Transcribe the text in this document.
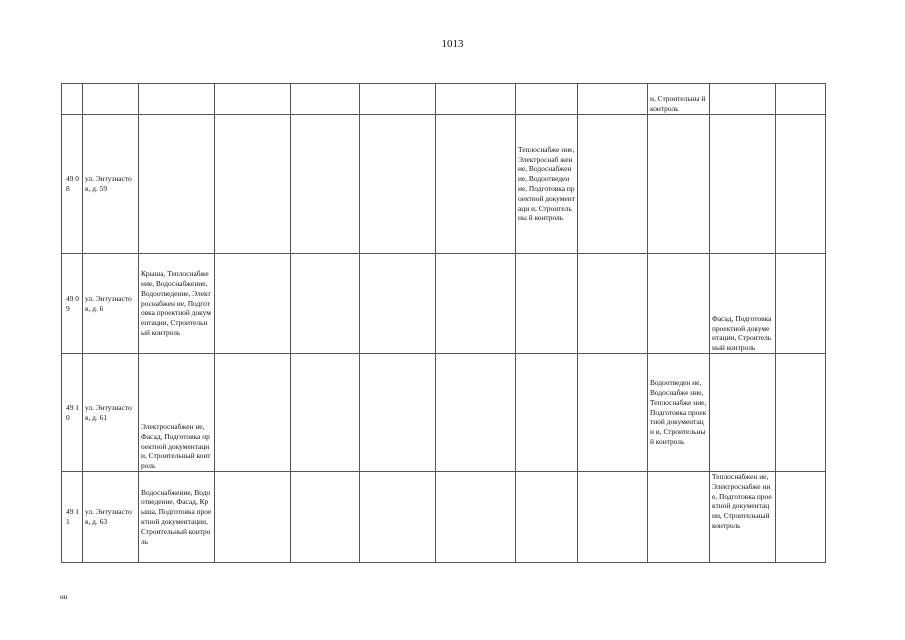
1013
									и, Строительны й контроль		
49 08	ул. Энтузиасто в, д. 59						Теплоснабже ние, Электроснаб жение, Водоснабжен ие, Водоотведен ие, Подготовка проектной документаци и, Строительны й контроль				
49 09	ул. Энтузиасто в, д. 6	Крыша, Теплоснабжение, Водоснабжение, Водоотведение, Электроснабжен ие, Подготовка проектной документации, Строительный контроль								Фасад, Подготовка проектной документации, Строительный контроль	
49 10	ул. Энтузиасто в, д. 61	Электроснабжен ие, Фасад, Подготовка проектной документации, Строительный контроль							Водоотведен ие, Водоснабже ние, Теплоснабже ние, Подготовка проектной документаци и, Строительны й контроль		
49 11	ул. Энтузиасто в, д. 63	Водоснабжение, Водоотведение, Фасад, Крыша, Подготовка проектной документации, Строительный контроль								Теплоснабжен ие, Электроснабже ние, Подготовка проектной документации, Строительный контроль	
нн
